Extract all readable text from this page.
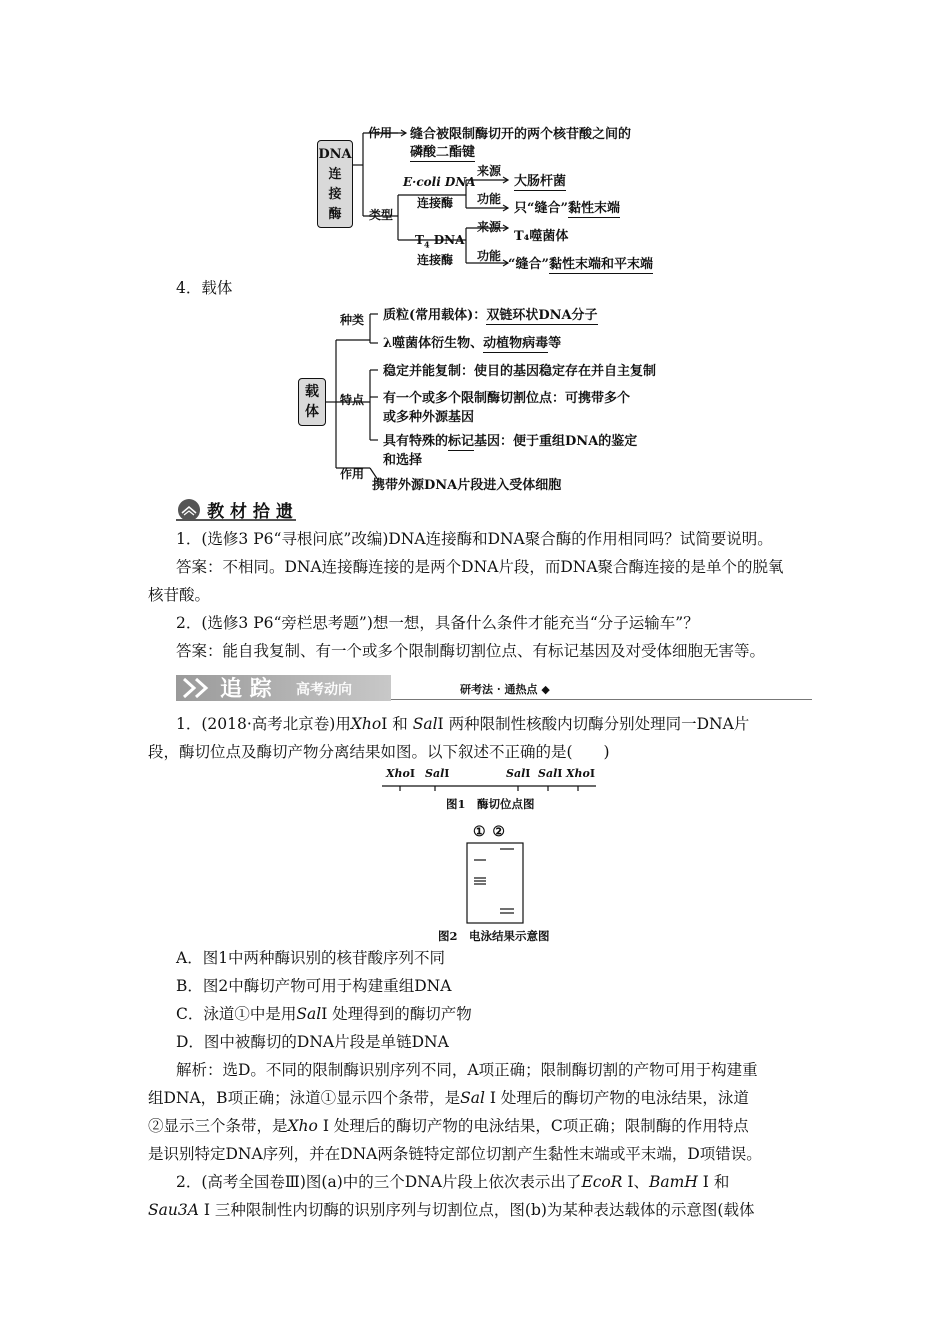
DNA
连
接
酶
作用 缝合被限制酶切开的两个核苷酸之间的
磷酸二酯键
类型
E·coli DNA
连接酶
来源
大肠杆菌
功能
只“缝合”黏性末端
$T_4$ DNA
连接酶
来源
T₄噬菌体
功能
“缝合”黏性末端和平末端
4．载体
载
体
种类 质粒(常用载体)：双链环状DNA分子
λ噬菌体衍生物、动植物病毒等
特点
稳定并能复制：使目的基因稳定存在并自主复制
有一个或多个限制酶切割位点：可携带多个
或多种外源基因
具有特殊的标记基因：便于重组DNA的鉴定
和选择
作用
携带外源DNA片段进入受体细胞
教 材 拾 遗
1．(选修3 P6“寻根问底”改编)DNA连接酶和DNA聚合酶的作用相同吗？试简要说明。
答案：不相同。DNA连接酶连接的是两个DNA片段，而DNA聚合酶连接的是单个的脱氧
核苷酸。
2．(选修3 P6“旁栏思考题”)想一想，具备什么条件才能充当“分子运输车”？
答案：能自我复制、有一个或多个限制酶切割位点、有标记基因及对受体细胞无害等。
追 踪 高考动向	研考法 · 通热点 ◆
1．(2018·高考北京卷)用XhoⅠ 和 SalⅠ 两种限制性核酸内切酶分别处理同一DNA片
段，酶切位点及酶切产物分离结果如图。以下叙述不正确的是(　　)
XhoⅠ SalⅠ	SalⅠ SalⅠ XhoⅠ
图1　酶切位点图
① ②
图2　电泳结果示意图
A．图1中两种酶识别的核苷酸序列不同
B．图2中酶切产物可用于构建重组DNA
C．泳道①中是用SalⅠ 处理得到的酶切产物
D．图中被酶切的DNA片段是单链DNA
解析：选D。不同的限制酶识别序列不同，A项正确；限制酶切割的产物可用于构建重
组DNA，B项正确；泳道①显示四个条带，是Sal Ⅰ 处理后的酶切产物的电泳结果，泳道
②显示三个条带，是Xho Ⅰ 处理后的酶切产物的电泳结果，C项正确；限制酶的作用特点
是识别特定DNA序列，并在DNA两条链特定部位切割产生黏性末端或平末端，D项错误。
2．(高考全国卷Ⅲ)图(a)中的三个DNA片段上依次表示出了EcoR Ⅰ、BamH Ⅰ 和
Sau3A Ⅰ 三种限制性内切酶的识别序列与切割位点，图(b)为某种表达载体的示意图(载体
